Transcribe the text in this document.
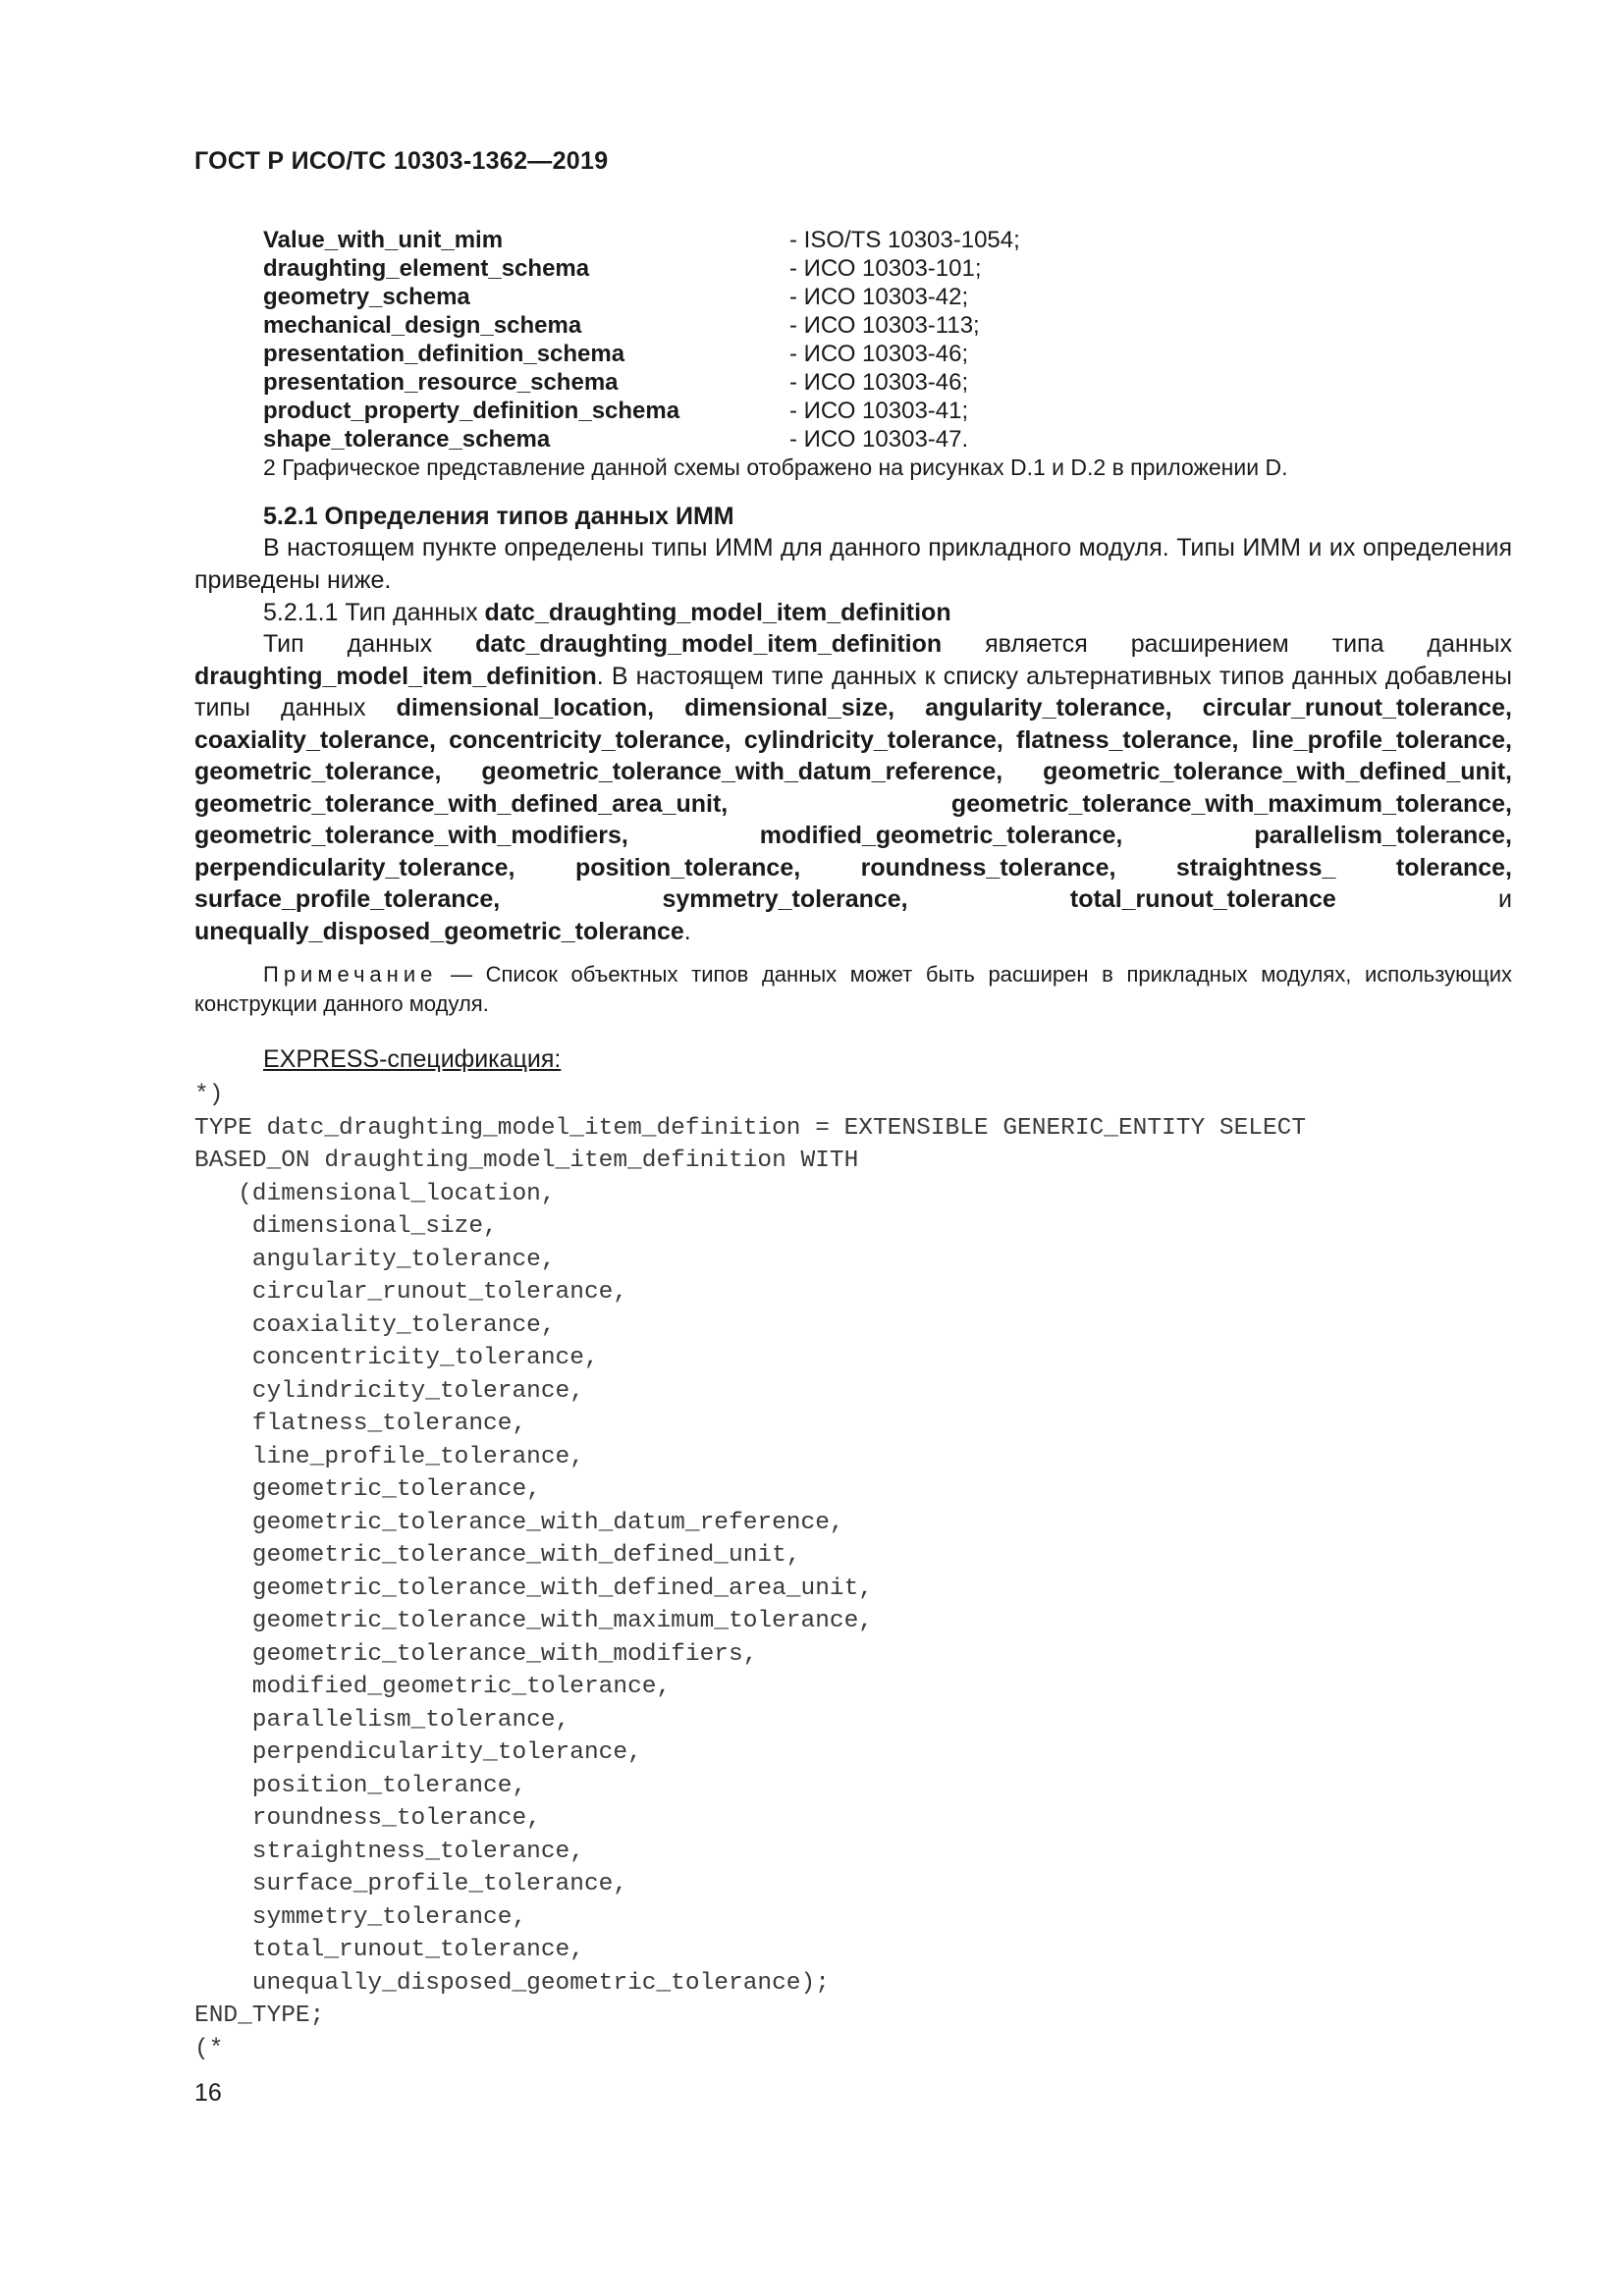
ГОСТ Р ИСО/ТС 10303-1362—2019
Value_with_unit_mim	- ISO/TS 10303-1054;
draughting_element_schema	- ИСО 10303-101;
geometry_schema	- ИСО 10303-42;
mechanical_design_schema	- ИСО 10303-113;
presentation_definition_schema	- ИСО 10303-46;
presentation_resource_schema	- ИСО 10303-46;
product_property_definition_schema	- ИСО 10303-41;
shape_tolerance_schema	- ИСО 10303-47.
2 Графическое представление данной схемы отображено на рисунках D.1 и D.2 в приложении D.
5.2.1 Определения типов данных ИММ
В настоящем пункте определены типы ИММ для данного прикладного модуля. Типы ИММ и их определения приведены ниже.
5.2.1.1 Тип данных datc_draughting_model_item_definition
Тип данных datc_draughting_model_item_definition является расширением типа данных draughting_model_item_definition. В настоящем типе данных к списку альтернативных типов данных добавлены типы данных dimensional_location, dimensional_size, angularity_tolerance, circular_runout_tolerance, coaxiality_tolerance, concentricity_tolerance, cylindricity_tolerance, flatness_tolerance, line_profile_tolerance, geometric_tolerance, geometric_tolerance_with_datum_reference, geometric_tolerance_with_defined_unit, geometric_tolerance_with_defined_area_unit, geometric_tolerance_with_maximum_tolerance, geometric_tolerance_with_modifiers, modified_geometric_tolerance, parallelism_tolerance, perpendicularity_tolerance, position_tolerance, roundness_tolerance, straightness_ tolerance, surface_profile_tolerance, symmetry_tolerance, total_runout_tolerance и unequally_disposed_geometric_tolerance.
Примечание — Список объектных типов данных может быть расширен в прикладных модулях, использующих конструкции данного модуля.
EXPRESS-спецификация:
*)
TYPE datc_draughting_model_item_definition = EXTENSIBLE GENERIC_ENTITY SELECT
BASED_ON draughting_model_item_definition WITH
(dimensional_location,
dimensional_size,
angularity_tolerance,
circular_runout_tolerance,
coaxiality_tolerance,
concentricity_tolerance,
cylindricity_tolerance,
flatness_tolerance,
line_profile_tolerance,
geometric_tolerance,
geometric_tolerance_with_datum_reference,
geometric_tolerance_with_defined_unit,
geometric_tolerance_with_defined_area_unit,
geometric_tolerance_with_maximum_tolerance,
geometric_tolerance_with_modifiers,
modified_geometric_tolerance,
parallelism_tolerance,
perpendicularity_tolerance,
position_tolerance,
roundness_tolerance,
straightness_tolerance,
surface_profile_tolerance,
symmetry_tolerance,
total_runout_tolerance,
unequally_disposed_geometric_tolerance);
END_TYPE;
(*
16
